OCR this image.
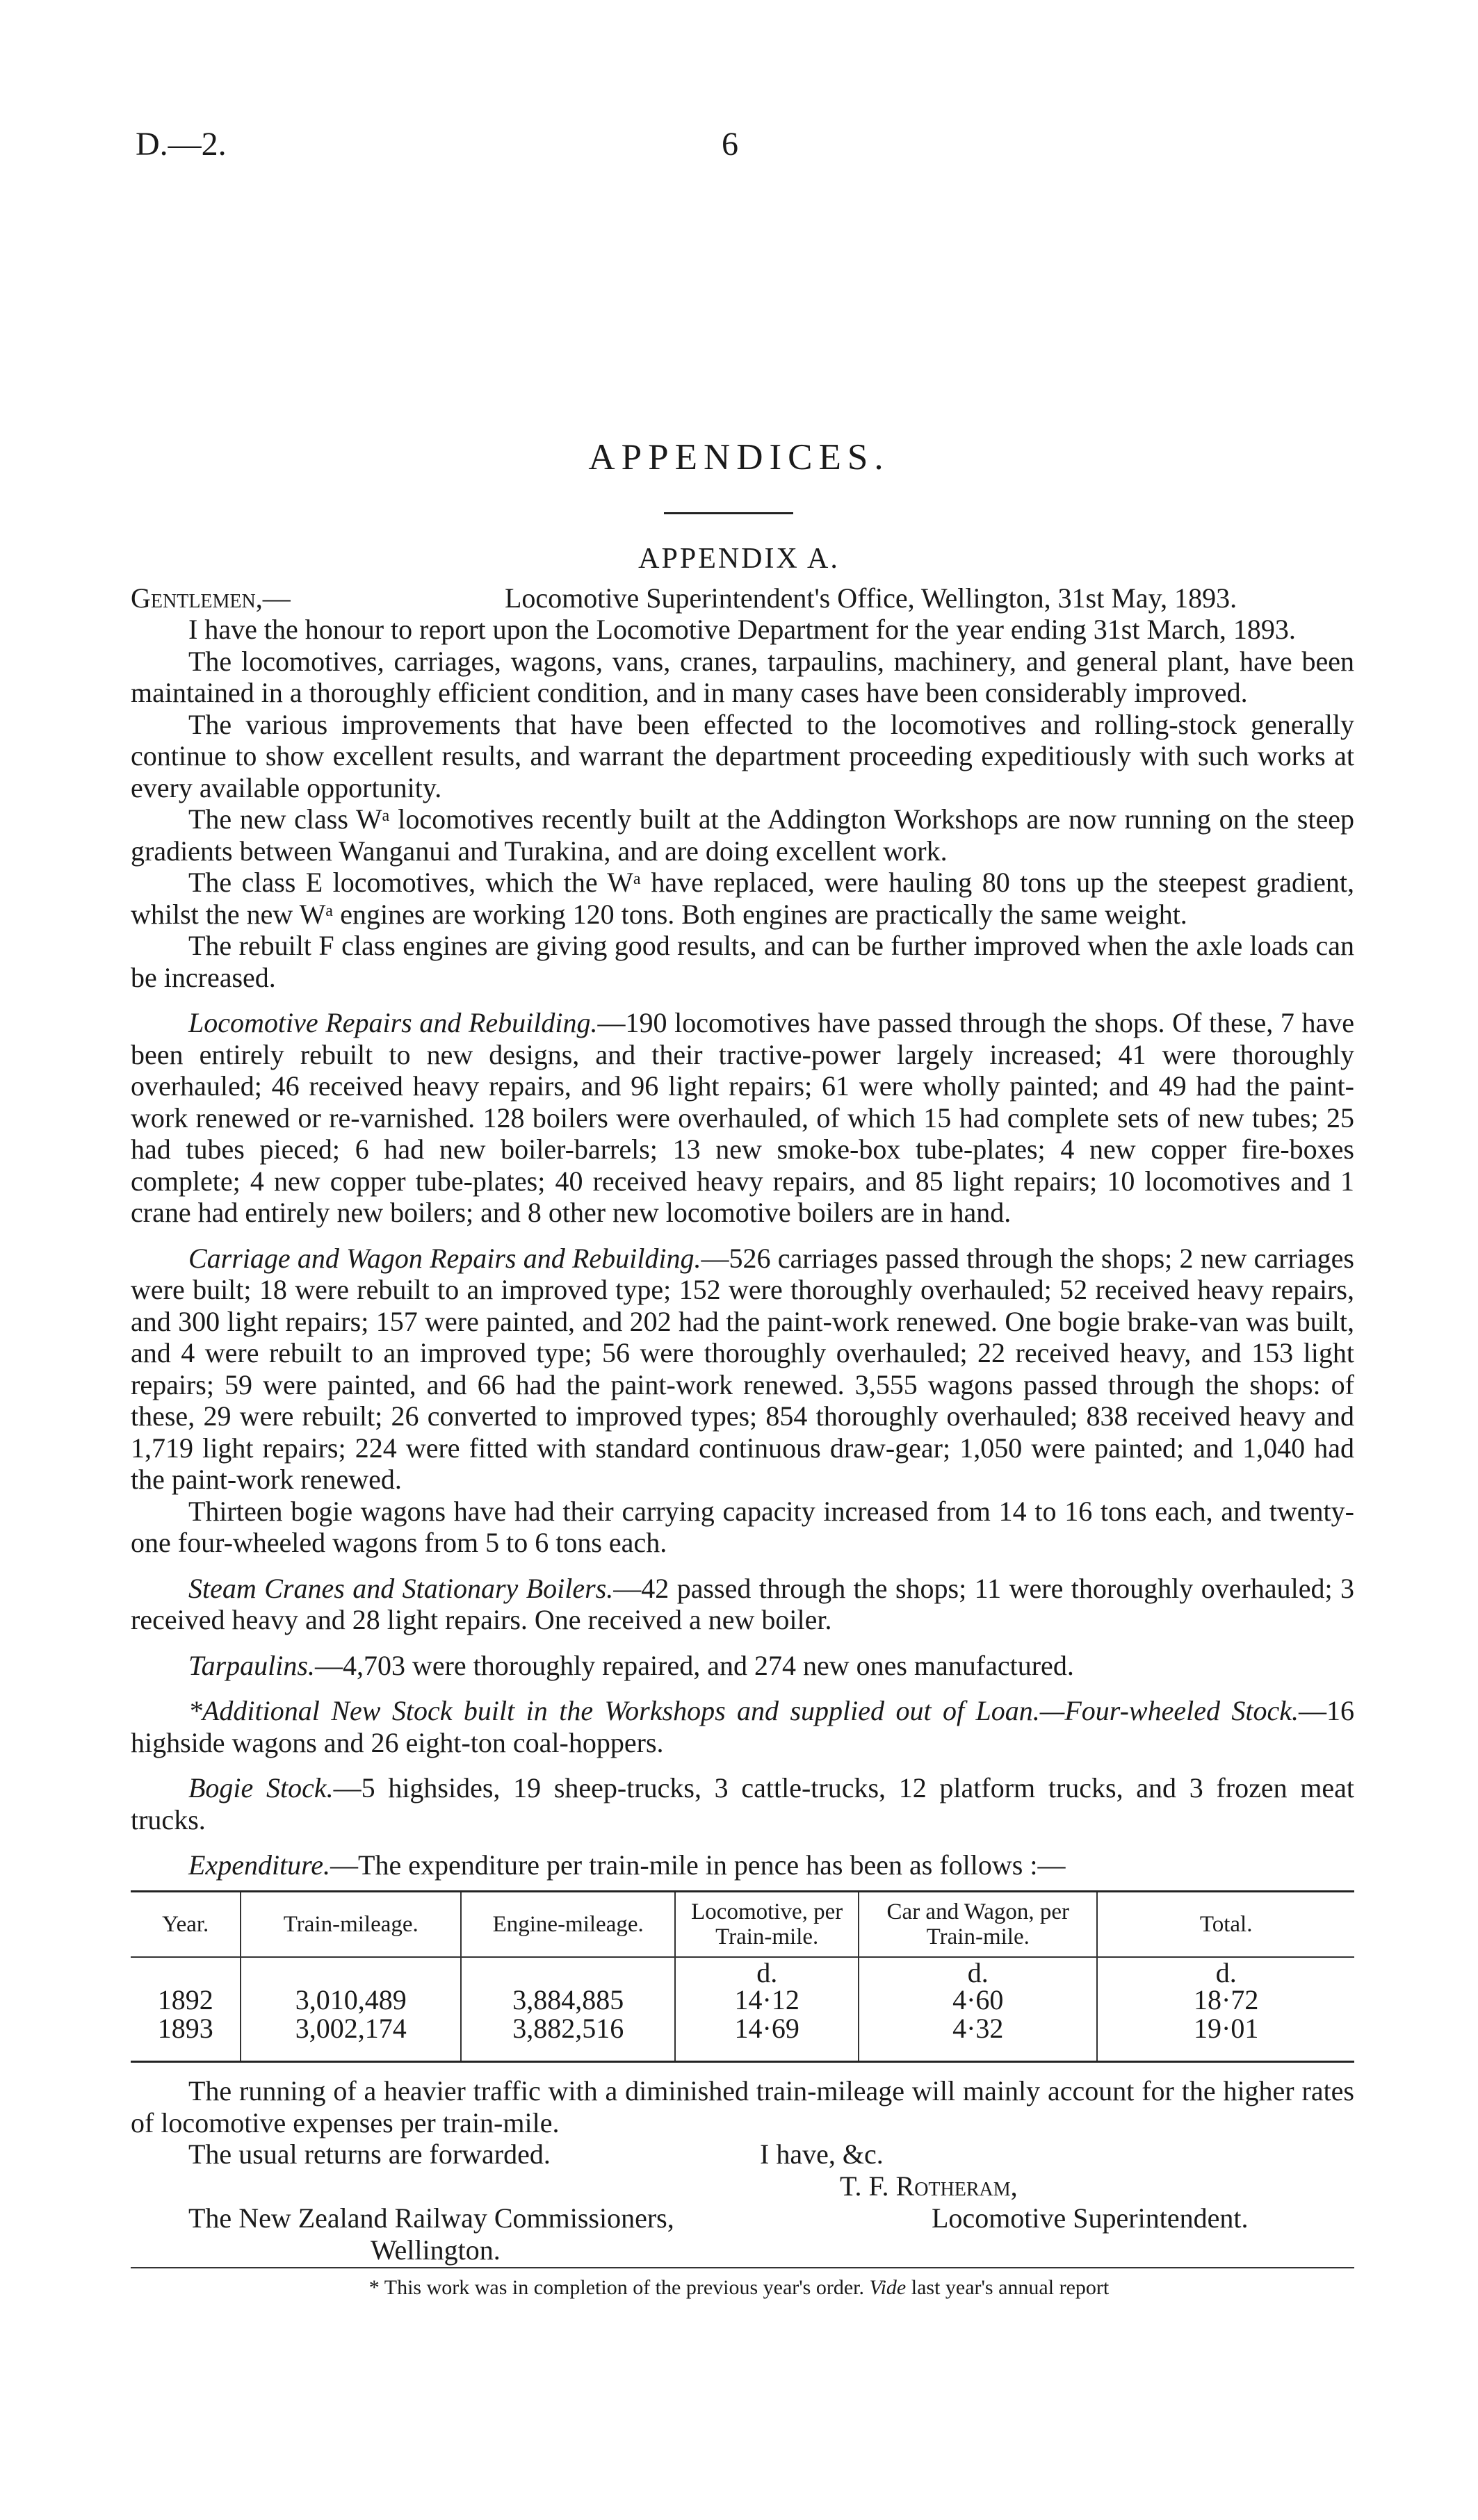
D.—2.	6
APPENDICES.
APPENDIX A.
Gentlemen,—	Locomotive Superintendent's Office, Wellington, 31st May, 1893.

I have the honour to report upon the Locomotive Department for the year ending 31st March, 1893.

The locomotives, carriages, wagons, vans, cranes, tarpaulins, machinery, and general plant, have been maintained in a thoroughly efficient condition, and in many cases have been considerably improved.

The various improvements that have been effected to the locomotives and rolling-stock generally continue to show excellent results, and warrant the department proceeding expeditiously with such works at every available opportunity.

The new class Wᵃ locomotives recently built at the Addington Workshops are now running on the steep gradients between Wanganui and Turakina, and are doing excellent work.

The class E locomotives, which the Wᵃ have replaced, were hauling 80 tons up the steepest gradient, whilst the new Wᵃ engines are working 120 tons. Both engines are practically the same weight.

The rebuilt F class engines are giving good results, and can be further improved when the axle loads can be increased.

Locomotive Repairs and Rebuilding.—190 locomotives have passed through the shops. Of these, 7 have been entirely rebuilt to new designs, and their tractive-power largely increased; 41 were thoroughly overhauled; 46 received heavy repairs, and 96 light repairs; 61 were wholly painted; and 49 had the paint-work renewed or re-varnished. 128 boilers were overhauled, of which 15 had complete sets of new tubes; 25 had tubes pieced; 6 had new boiler-barrels; 13 new smoke-box tube-plates; 4 new copper fire-boxes complete; 4 new copper tube-plates; 40 received heavy repairs, and 85 light repairs; 10 locomotives and 1 crane had entirely new boilers; and 8 other new locomotive boilers are in hand.

Carriage and Wagon Repairs and Rebuilding.—526 carriages passed through the shops; 2 new carriages were built; 18 were rebuilt to an improved type; 152 were thoroughly overhauled; 52 received heavy repairs, and 300 light repairs; 157 were painted, and 202 had the paint-work renewed. One bogie brake-van was built, and 4 were rebuilt to an improved type; 56 were thoroughly overhauled; 22 received heavy, and 153 light repairs; 59 were painted, and 66 had the paint-work renewed. 3,555 wagons passed through the shops: of these, 29 were rebuilt; 26 converted to improved types; 854 thoroughly overhauled; 838 received heavy and 1,719 light repairs; 224 were fitted with standard continuous draw-gear; 1,050 were painted; and 1,040 had the paint-work renewed.

Thirteen bogie wagons have had their carrying capacity increased from 14 to 16 tons each, and twenty-one four-wheeled wagons from 5 to 6 tons each.

Steam Cranes and Stationary Boilers.—42 passed through the shops; 11 were thoroughly overhauled; 3 received heavy and 28 light repairs. One received a new boiler.

Tarpaulins.—4,703 were thoroughly repaired, and 274 new ones manufactured.

*Additional New Stock built in the Workshops and supplied out of Loan.—Four-wheeled Stock.—16 highside wagons and 26 eight-ton coal-hoppers.

Bogie Stock.—5 highsides, 19 sheep-trucks, 3 cattle-trucks, 12 platform trucks, and 3 frozen meat trucks.

Expenditure.—The expenditure per train-mile in pence has been as follows :—

Year.	Train-mileage.	Engine-mileage.	Locomotive, per Train-mile.	Car and Wagon, per Train-mile.	Total.
			d.	d.	d.
1892	3,010,489	3,884,885	14·12	4·60	18·72
1893	3,002,174	3,882,516	14·69	4·32	19·01

The running of a heavier traffic with a diminished train-mileage will mainly account for the higher rates of locomotive expenses per train-mile.

The usual returns are forwarded.	I have, &c.
T. F. Rotheram,
The New Zealand Railway Commissioners,	Locomotive Superintendent.
Wellington.
* This work was in completion of the previous year's order. Vide last year's annual report
